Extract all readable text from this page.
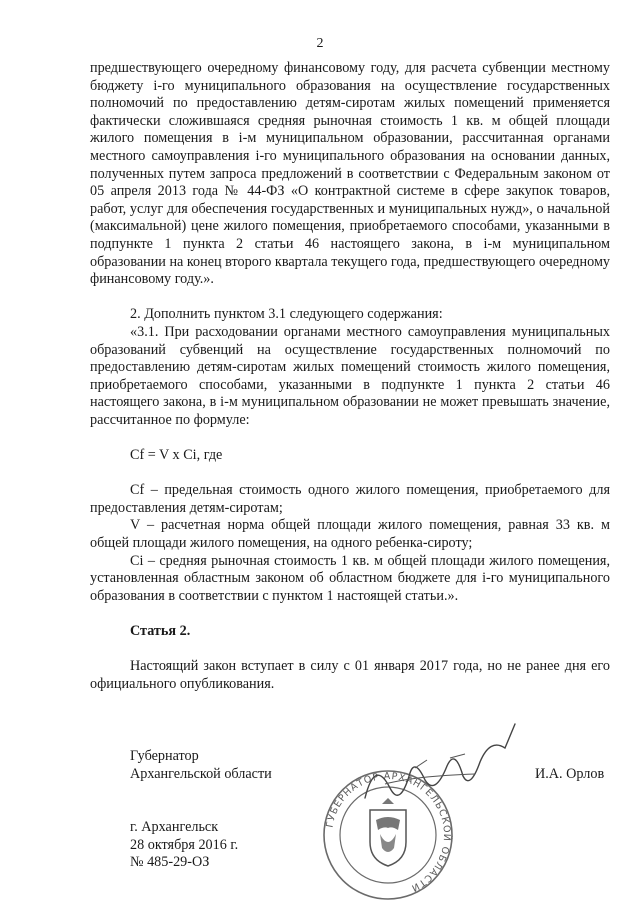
2

предшествующего очередному финансовому году, для расчета субвенции местному бюджету i-го муниципального образования на осуществление государственных полномочий по предоставлению детям-сиротам жилых помещений применяется фактически сложившаяся средняя рыночная стоимость 1 кв. м общей площади жилого помещения в i-м муниципальном образовании, рассчитанная органами местного самоуправления i-го муниципального образования на основании данных, полученных путем запроса предложений в соответствии с Федеральным законом от 05 апреля 2013 года № 44-ФЗ «О контрактной системе в сфере закупок товаров, работ, услуг для обеспечения государственных и муниципальных нужд», о начальной (максимальной) цене жилого помещения, приобретаемого способами, указанными в подпункте 1 пункта 2 статьи 46 настоящего закона, в i-м муниципальном образовании на конец второго квартала текущего года, предшествующего очередному финансовому году.».

2. Дополнить пунктом 3.1 следующего содержания:

«3.1. При расходовании органами местного самоуправления муниципальных образований субвенций на осуществление государственных полномочий по предоставлению детям-сиротам жилых помещений стоимость жилого помещения, приобретаемого способами, указанными в подпункте 1 пункта 2 статьи 46 настоящего закона, в i-м муниципальном образовании не может превышать значение, рассчитанное по формуле:

Cf = V x Ci, где

Cf – предельная стоимость одного жилого помещения, приобретаемого для предоставления детям-сиротам;

V – расчетная норма общей площади жилого помещения, равная 33 кв. м общей площади жилого помещения, на одного ребенка-сироту;

Ci – средняя рыночная стоимость 1 кв. м общей площади жилого помещения, установленная областным законом об областном бюджете для i-го муниципального образования в соответствии с пунктом 1 настоящей статьи.».

Статья 2.

Настоящий закон вступает в силу с 01 января 2017 года, но не ранее дня его официального опубликования.

ГУБЕРНАТОР АРХАНГЕЛЬСКОЙ ОБЛАСТИ
Губернатор
Архангельской области	И.А. Орлов
г. Архангельск
28 октября 2016 г.
№ 485-29-ОЗ
